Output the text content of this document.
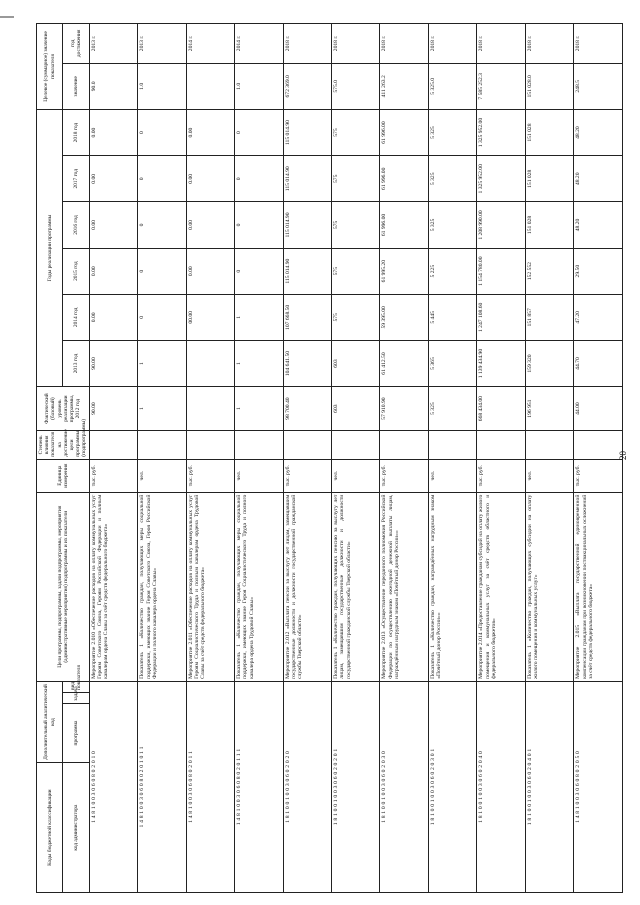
20
Коды бюджетной классификации	Дополнительный аналитический код			Цели программы, подпрограммы, задачи подпрограммы, мероприятия (административные мероприятия) подпрограммы и их показатели	Единица измерения	Степень влияния показателя на достижение цели программы (подпрограммы)	Фактический (базовый) уровень реализации программы, 2012 год	Годы реализации программы						Целевое (суммарное) значение показателя	
код администратора	программа	задача	вид показателя					2013 год	2014 год	2015 год	2016 год	2017 год	2018 год	значение	год достижения
1 4 8 1 0 0 3 0 6 0 8 0 2 0 1 0				Мероприятие 2.010 «Обеспечение расходов на оплату коммунальных услуг Героям Советского Союза, Героям Российской Федерации и полным кавалерам ордена Славы за счёт средств федерального бюджета»	тыс. руб.		90.00	90.00	0.00	0.00	0.00	0.00	0.00	90.0	2013 г.
1 4 8 1 0 0 3 0 6 0 8 0 2 0 1 0 1 1				Показатель 1 «Количество граждан, получающих меры социальной поддержки, имеющих звание Героя Советского Союза, Героя Российской Федерации и полного кавалера ордена Славы»	чел.		1	1	0	0	0	0	0	1.0	2013 г.
1 4 8 1 0 0 3 0 6 0 8 0 2 0 1 1				Мероприятие 2.011 «Обеспечение расходов на оплату коммунальных услуг Героям Социалистического Труда и полным кавалерам ордена Трудовой Славы за счёт средств федерального бюджета»	тыс. руб.				00.00	0.00	0.00	0.00	0.00		2014 г.
1 4 8 1 0 0 3 0 6 0 8 0 2 0 1 1 1				Показатель 1 «Количество граждан, получающих меры социальной поддержки, имеющих звание Героя Социалистического Труда и полного кавалера ордена Трудовой Славы»	чел.		1	1	1	0	0	0	0	1.0	2014 г.
1 8 1 0 0 1 0 0 3 0 6 0 2 0 2 0				Мероприятие 2.012 «Выплата пенсии за выслугу лет лицам, замещавшим государственные должности и должности государственной гражданской службы Тверской области»	тыс. руб.		98 700.40	104 641.50	107 668.50	115 014.90	115 014.90	115 014.90	115 014.90	672 369.0	2018 г.
1 8 1 0 0 1 0 0 3 0 6 0 2 0 2 0 1				Показатель 1 «Количество граждан, получающих пенсию за выслугу лет лицам, замещавшим государственные должности и должности государственной гражданской службы Тверской области»	чел.		603	603	575	575	575	575	575	575.0	2018 г.
1 8 1 0 0 1 0 0 3 0 6 0 2 0 3 0				Мероприятие 2.013 «Осуществление переданного полномочия Российской Федерации по осуществлению ежегодной денежной выплаты лицам, награждённым нагрудным знаком «Почётный донор России»»	тыс. руб.		57 910.90	61 412.50	59 395.00	61 995.20	61 996.00	61 996.00	61 996.00	411 263.2	2018 г.
1 8 1 0 0 1 0 0 3 0 6 0 2 0 3 0 1				Показатель 1 «Количество граждан, награждённых нагрудным знаком «Почётный донор России»»	чел.		5 325	5 365	5 445	5 225	5 325	5 325	5 325	5 325.0	2018 г.
1 8 1 0 0 1 0 0 3 0 6 0 2 0 4 0				Мероприятие 2.014 «Предоставление гражданам субсидий на оплату жилого помещения и коммунальных услуг за счёт средств областного и федерального бюджетов»	тыс. руб.		668 434.00	1 139 434.90	1 247 108.60	1 154 780.00	1 208 990.00	1 325 952.00	1 325 952.00	7 585 252.3	2018 г.
1 8 1 0 0 1 0 0 3 0 6 0 2 0 4 0 1				Показатель 1 «Количество граждан, получающих субсидии на оплату жилого помещения и коммунальных услуг»	чел.		196 951	159 320	151 857	152 552	151 028	151 028	151 028	151 028.0	2018 г.
1 4 8 1 0 0 3 0 6 0 8 0 2 0 5 0				Мероприятие 2.015 «Выплата государственной единовременной компенсации гражданам при возникновении поствакцинальных осложнений за счёт средств федерального бюджета»	тыс. руб.		44.00	44.70	47.20	29.50	48.20	48.20	48.20	248.5	2018 г.
